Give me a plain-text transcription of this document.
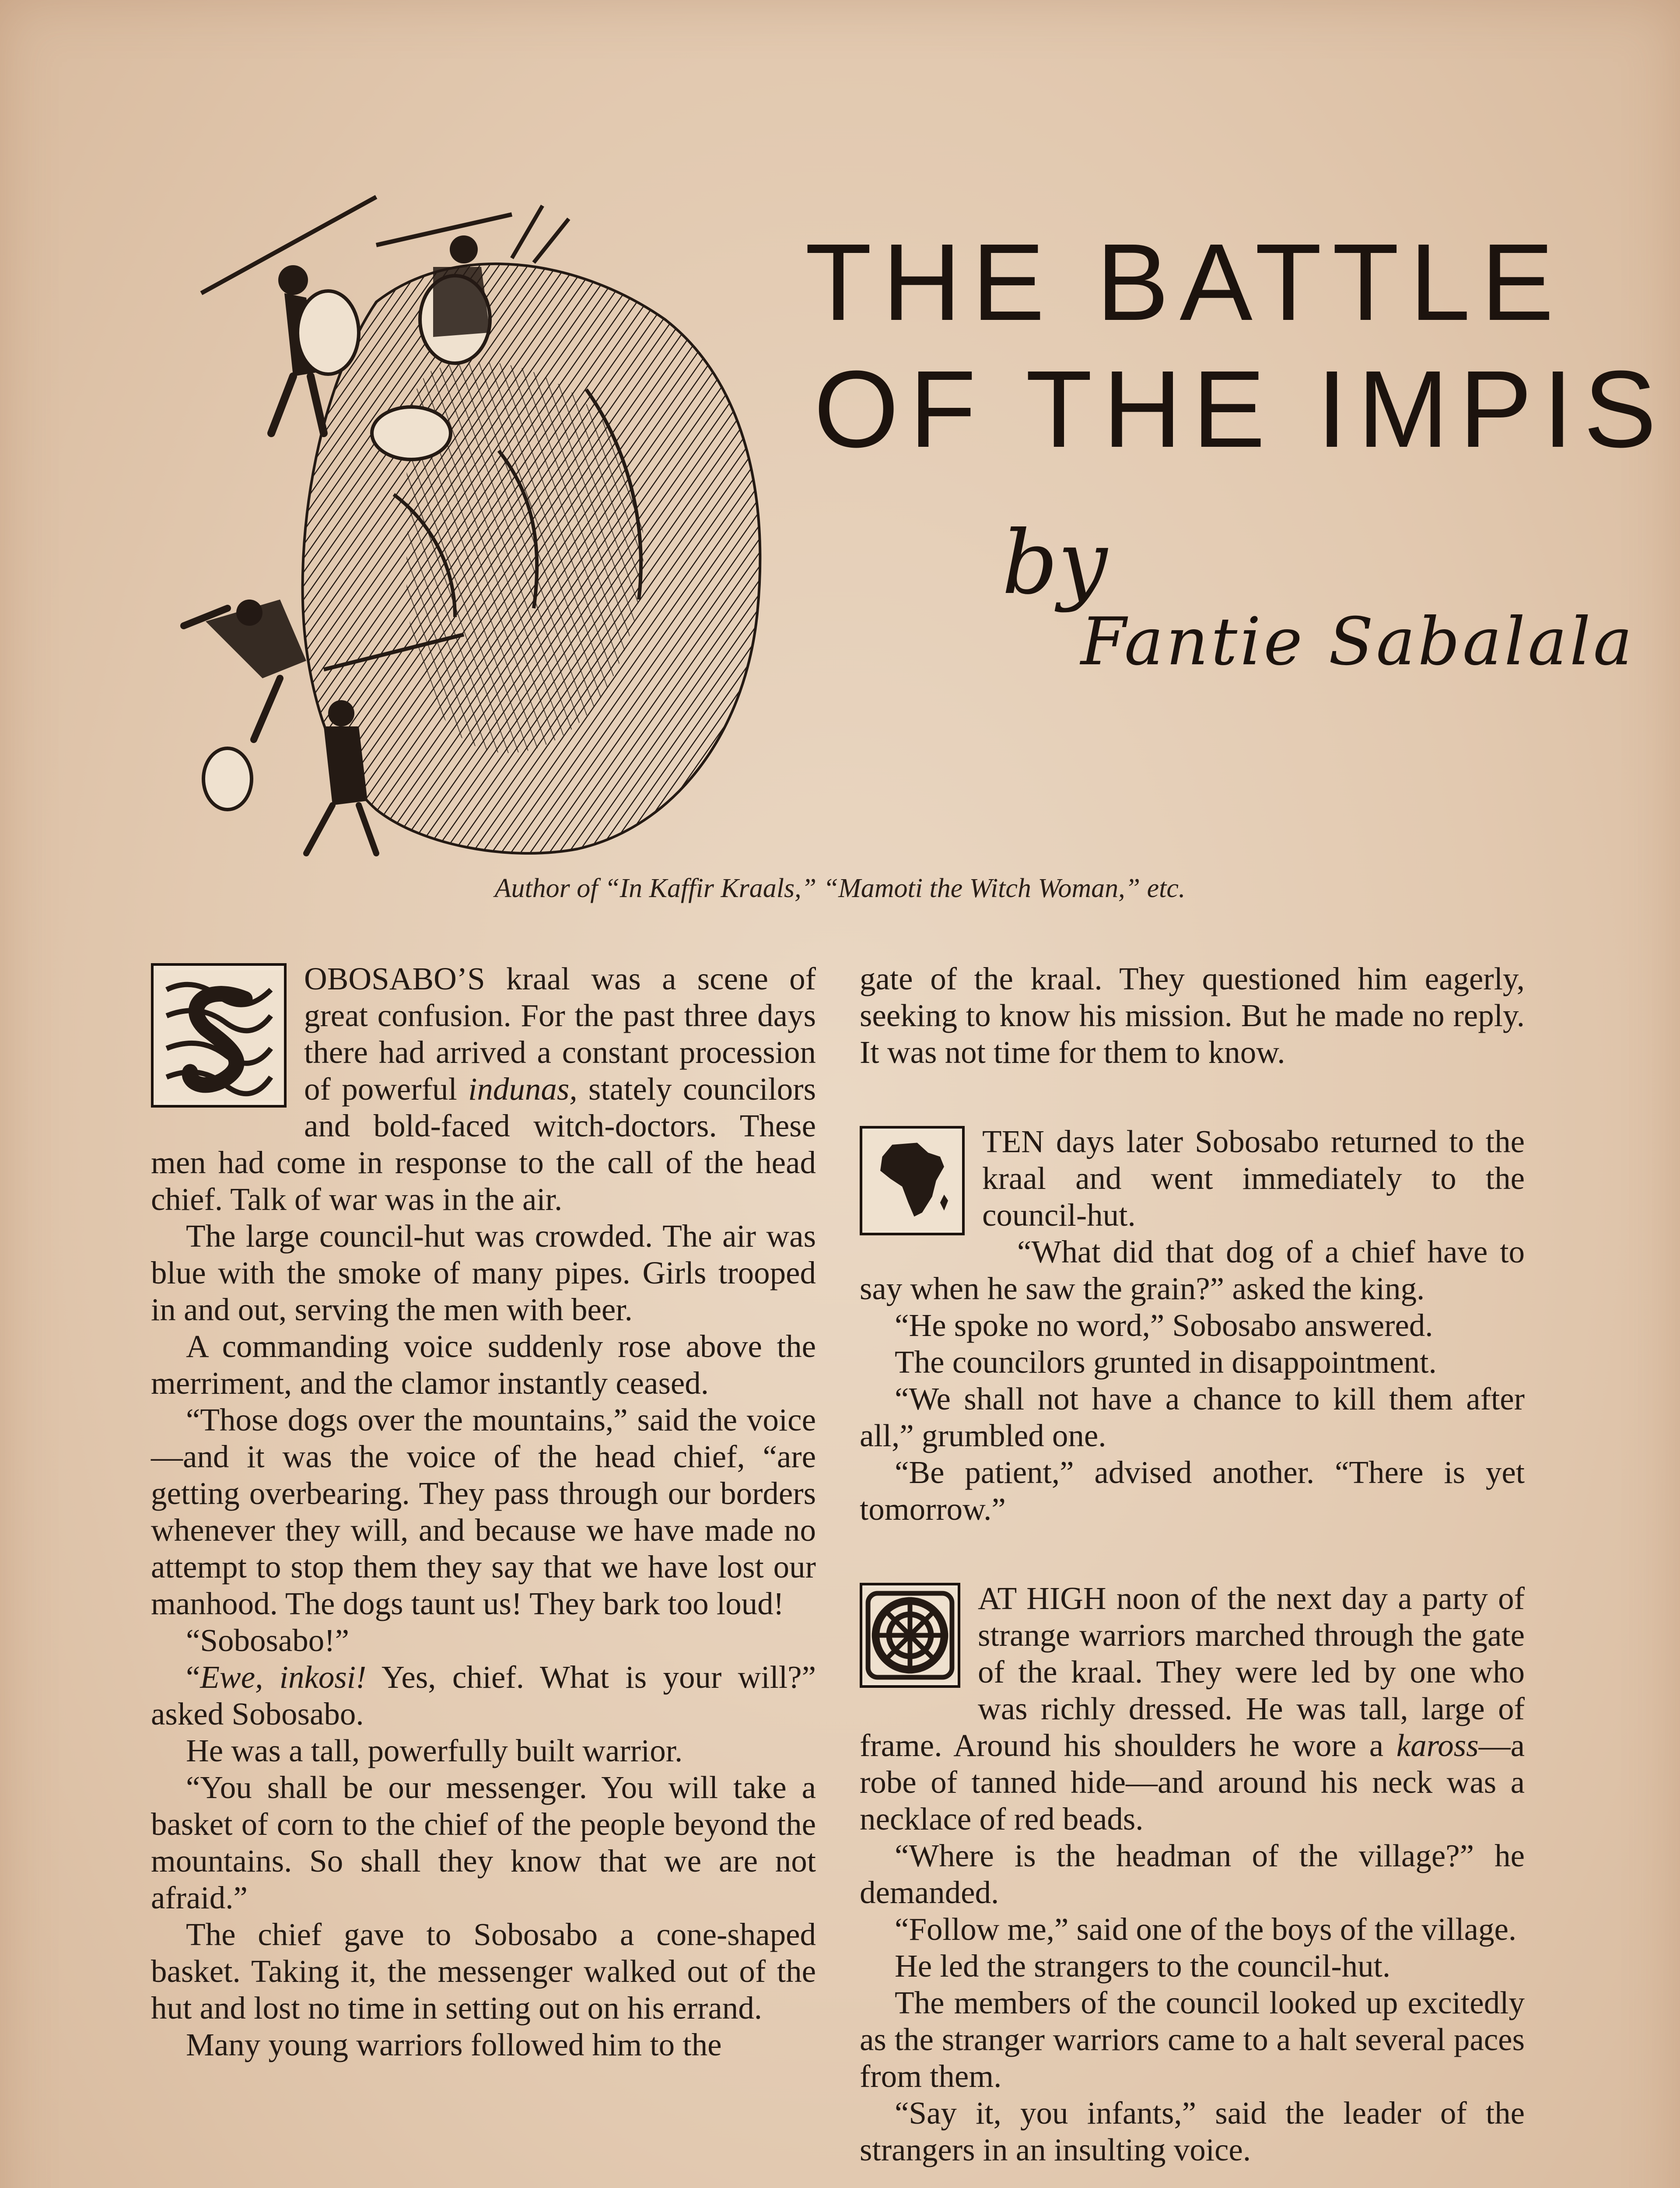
THE BATTLE
OF THE IMPIS
by
Fantie Sabalala
Author of “In Kaffir Kraals,” “Mamoti the Witch Woman,” etc.

OBOSABO’S kraal was a scene of great confusion. For the past three days there had arrived a constant procession of powerful indunas, stately councilors and bold-faced witch-doctors. These men had come in response to the call of the head chief. Talk of war was in the air.

The large council-hut was crowded. The air was blue with the smoke of many pipes. Girls trooped in and out, serving the men with beer.

A commanding voice suddenly rose above the merriment, and the clamor instantly ceased.

“Those dogs over the mountains,” said the voice—and it was the voice of the head chief, “are getting overbearing. They pass through our borders whenever they will, and because we have made no attempt to stop them they say that we have lost our manhood. The dogs taunt us! They bark too loud!

“Sobosabo!”

“Ewe, inkosi! Yes, chief. What is your will?” asked Sobosabo.

He was a tall, powerfully built warrior.

“You shall be our messenger. You will take a basket of corn to the chief of the people beyond the mountains. So shall they know that we are not afraid.”

The chief gave to Sobosabo a cone-shaped basket. Taking it, the messenger walked out of the hut and lost no time in setting out on his errand.

Many young warriors followed him to the

gate of the kraal. They questioned him eagerly, seeking to know his mission. But he made no reply. It was not time for them to know.

TEN days later Sobosabo returned to the kraal and went immediately to the council-hut.

“What did that dog of a chief have to say when he saw the grain?” asked the king.

“He spoke no word,” Sobosabo answered.

The councilors grunted in disappointment.

“We shall not have a chance to kill them after all,” grumbled one.

“Be patient,” advised another. “There is yet tomorrow.”

AT HIGH noon of the next day a party of strange warriors marched through the gate of the kraal. They were led by one who was richly dressed. He was tall, large of frame. Around his shoulders he wore a kaross—a robe of tanned hide—and around his neck was a necklace of red beads.

“Where is the headman of the village?” he demanded.

“Follow me,” said one of the boys of the village.

He led the strangers to the council-hut.

The members of the council looked up excitedly as the stranger warriors came to a halt several paces from them.

“Say it, you infants,” said the leader of the strangers in an insulting voice.
